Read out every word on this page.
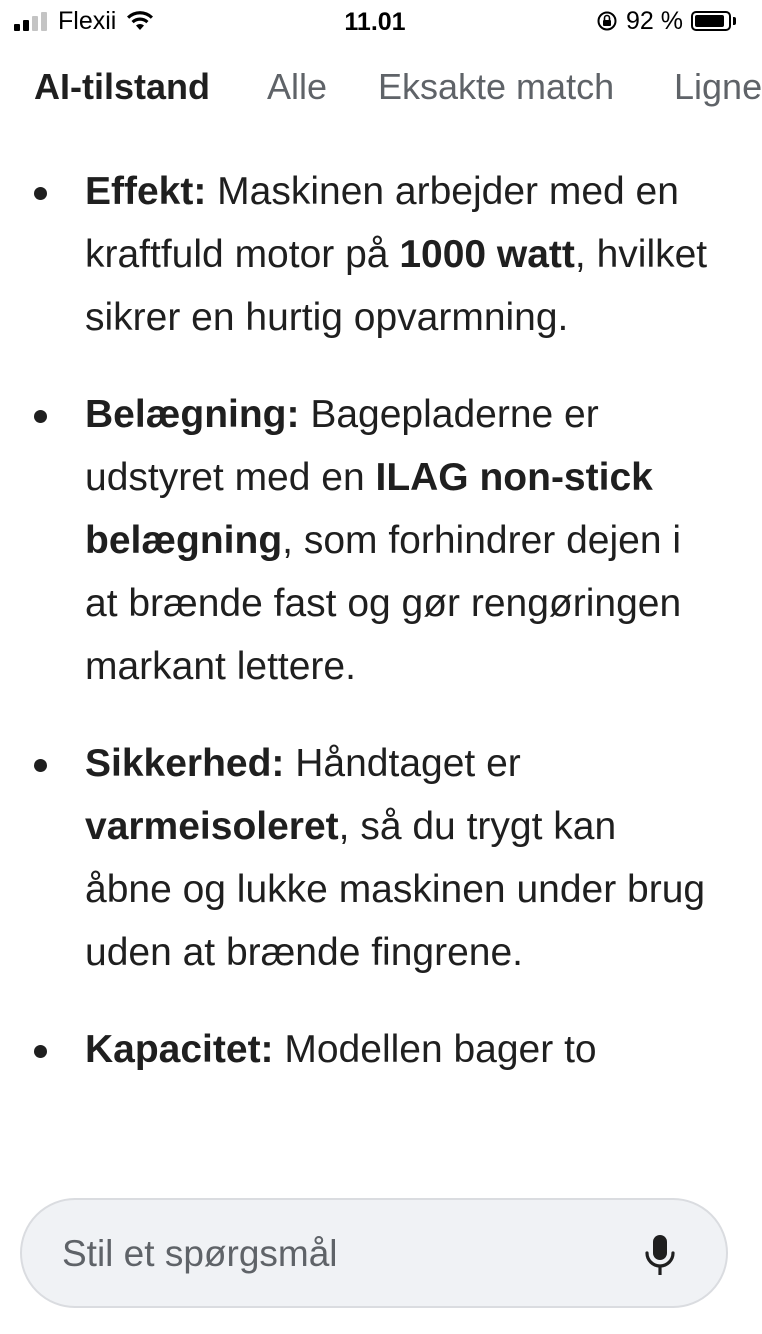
Flexii	11.01	92 %
AI-tilstand Alle Eksakte match Ligne
Effekt: Maskinen arbejder med en kraftfuld motor på 1000 watt, hvilket sikrer en hurtig opvarmning.
Belægning: Bagepladerne er udstyret med en ILAG non-stick belægning, som forhindrer dejen i at brænde fast og gør rengøringen markant lettere.
Sikkerhed: Håndtaget er varmeisoleret, så du trygt kan åbne og lukke maskinen under brug uden at brænde fingrene.
Kapacitet: Modellen bager to
Stil et spørgsmål
